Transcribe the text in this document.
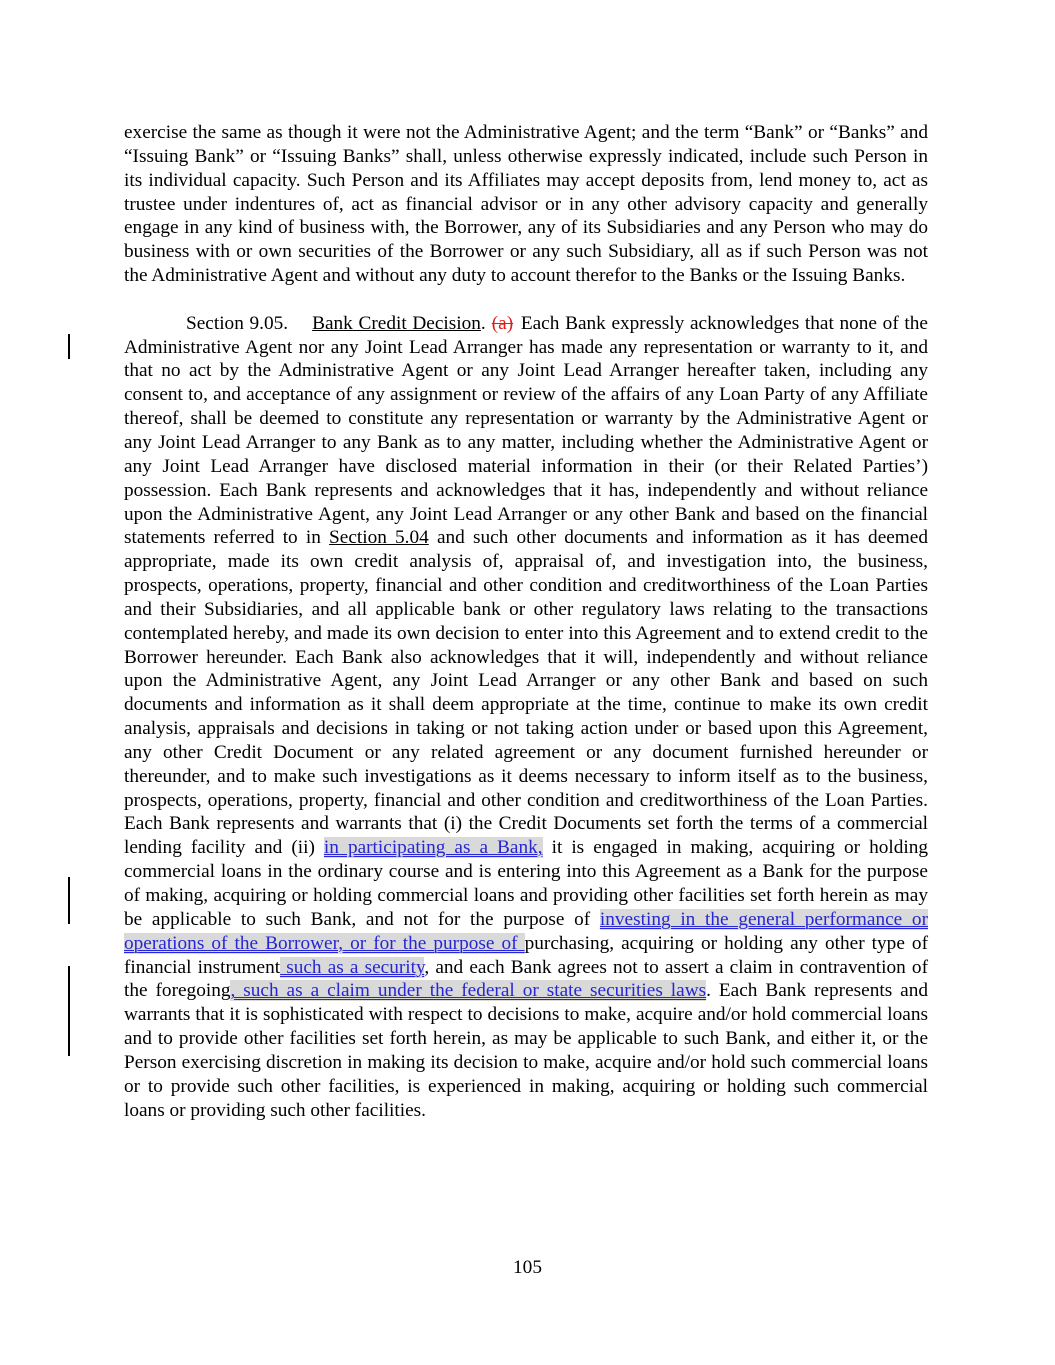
exercise the same as though it were not the Administrative Agent; and the term “Bank” or “Banks” and “Issuing Bank” or “Issuing Banks” shall, unless otherwise expressly indicated, include such Person in its individual capacity. Such Person and its Affiliates may accept deposits from, lend money to, act as trustee under indentures of, act as financial advisor or in any other advisory capacity and generally engage in any kind of business with, the Borrower, any of its Subsidiaries and any Person who may do business with or own securities of the Borrower or any such Subsidiary, all as if such Person was not the Administrative Agent and without any duty to account therefor to the Banks or the Issuing Banks.

Section 9.05. Bank Credit Decision. (a) Each Bank expressly acknowledges that none of the Administrative Agent nor any Joint Lead Arranger has made any representation or warranty to it, and that no act by the Administrative Agent or any Joint Lead Arranger hereafter taken, including any consent to, and acceptance of any assignment or review of the affairs of any Loan Party of any Affiliate thereof, shall be deemed to constitute any representation or warranty by the Administrative Agent or any Joint Lead Arranger to any Bank as to any matter, including whether the Administrative Agent or any Joint Lead Arranger have disclosed material information in their (or their Related Parties’) possession. Each Bank represents and acknowledges that it has, independently and without reliance upon the Administrative Agent, any Joint Lead Arranger or any other Bank and based on the financial statements referred to in Section 5.04 and such other documents and information as it has deemed appropriate, made its own credit analysis of, appraisal of, and investigation into, the business, prospects, operations, property, financial and other condition and creditworthiness of the Loan Parties and their Subsidiaries, and all applicable bank or other regulatory laws relating to the transactions contemplated hereby, and made its own decision to enter into this Agreement and to extend credit to the Borrower hereunder. Each Bank also acknowledges that it will, independently and without reliance upon the Administrative Agent, any Joint Lead Arranger or any other Bank and based on such documents and information as it shall deem appropriate at the time, continue to make its own credit analysis, appraisals and decisions in taking or not taking action under or based upon this Agreement, any other Credit Document or any related agreement or any document furnished hereunder or thereunder, and to make such investigations as it deems necessary to inform itself as to the business, prospects, operations, property, financial and other condition and creditworthiness of the Loan Parties. Each Bank represents and warrants that (i) the Credit Documents set forth the terms of a commercial lending facility and (ii) in participating as a Bank, it is engaged in making, acquiring or holding commercial loans in the ordinary course and is entering into this Agreement as a Bank for the purpose of making, acquiring or holding commercial loans and providing other facilities set forth herein as may be applicable to such Bank, and not for the purpose of investing in the general performance or operations of the Borrower, or for the purpose of purchasing, acquiring or holding any other type of financial instrument such as a security, and each Bank agrees not to assert a claim in contravention of the foregoing, such as a claim under the federal or state securities laws. Each Bank represents and warrants that it is sophisticated with respect to decisions to make, acquire and/or hold commercial loans and to provide other facilities set forth herein, as may be applicable to such Bank, and either it, or the Person exercising discretion in making its decision to make, acquire and/or hold such commercial loans or to provide such other facilities, is experienced in making, acquiring or holding such commercial loans or providing such other facilities.

105
